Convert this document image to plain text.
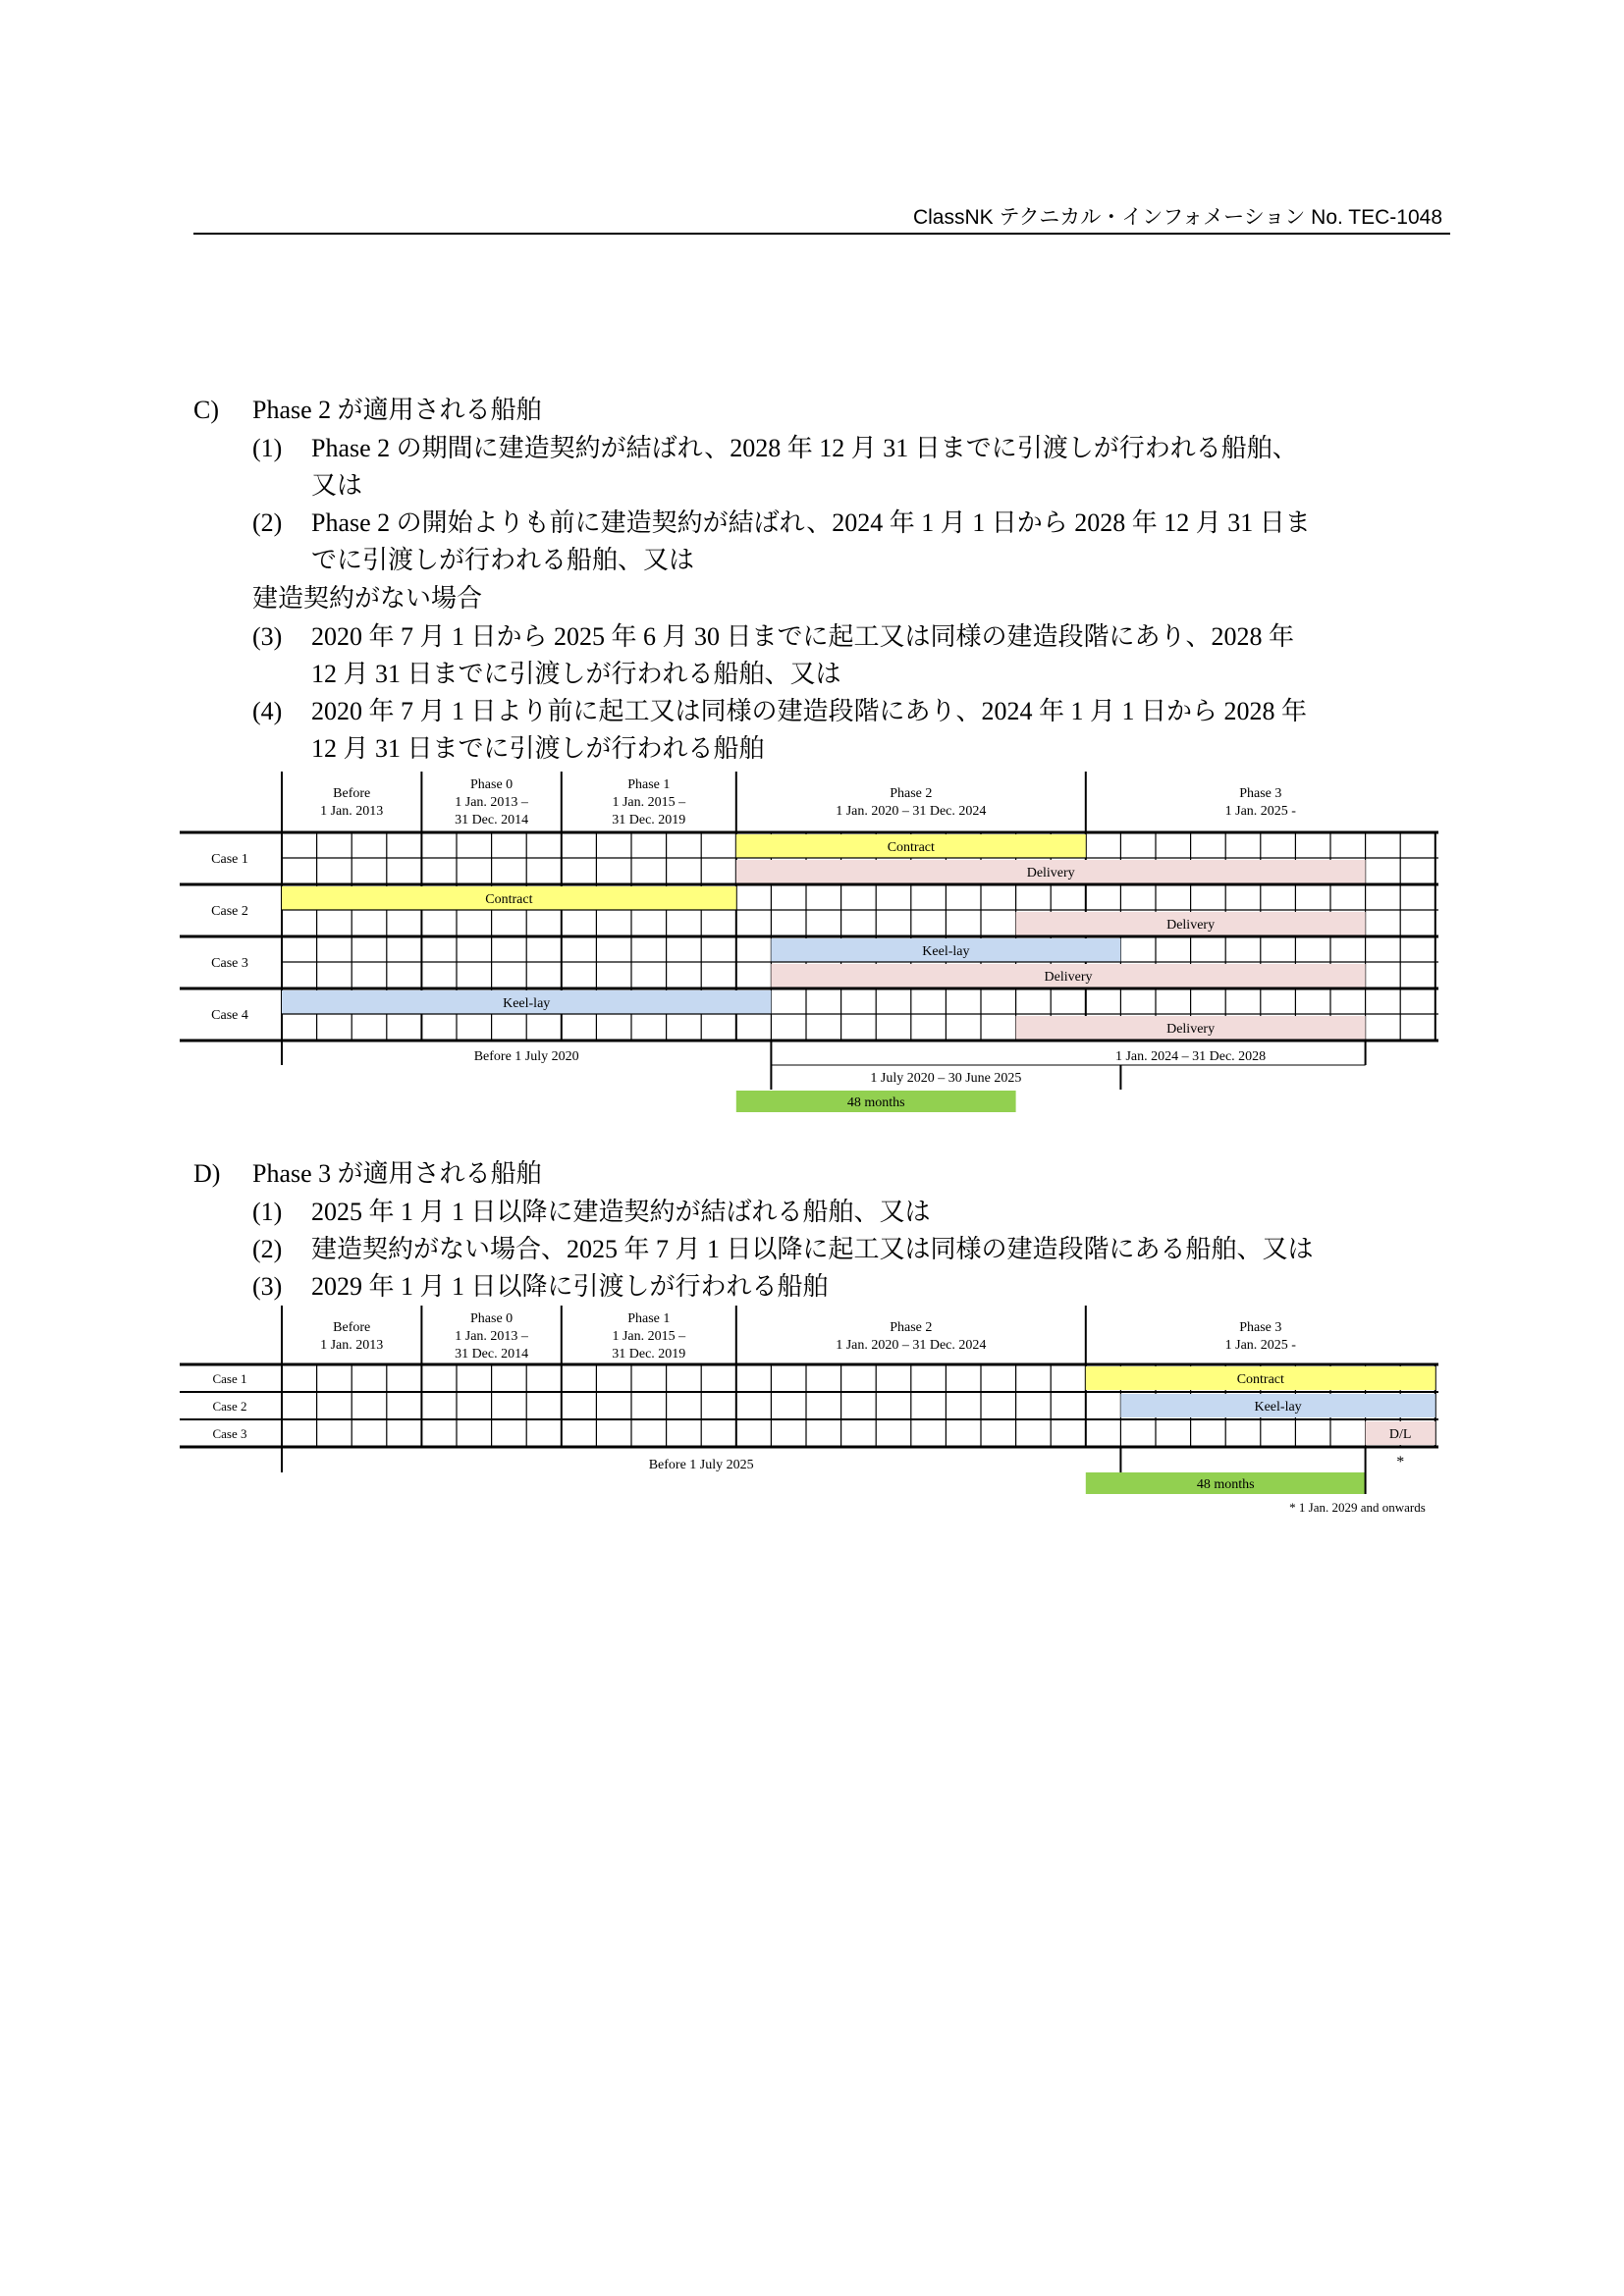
ClassNK テクニカル・インフォメーション No. TEC-1048
C) Phase 2 が適用される船舶
(1) Phase 2 の期間に建造契約が結ばれ、2028 年 12 月 31 日までに引渡しが行われる船舶、
又は
(2) Phase 2 の開始よりも前に建造契約が結ばれ、2024 年 1 月 1 日から 2028 年 12 月 31 日ま
でに引渡しが行われる船舶、又は
建造契約がない場合
(3) 2020 年 7 月 1 日から 2025 年 6 月 30 日までに起工又は同様の建造段階にあり、2028 年
12 月 31 日までに引渡しが行われる船舶、又は
(4) 2020 年 7 月 1 日より前に起工又は同様の建造段階にあり、2024 年 1 月 1 日から 2028 年
12 月 31 日までに引渡しが行われる船舶
Before
1 Jan. 2013
Phase 0
1 Jan. 2013 –
31 Dec. 2014
Phase 1
1 Jan. 2015 –
31 Dec. 2019
Phase 2
1 Jan. 2020 – 31 Dec. 2024
Phase 3
1 Jan. 2025 -
Case 1
Case 2
Case 3
Case 4
Contract
Delivery
Contract
Delivery
Keel-lay
Delivery
Keel-lay
Delivery
Before 1 July 2020	1 Jan. 2024 – 31 Dec. 2028
1 July 2020 – 30 June 2025
48 months
D) Phase 3 が適用される船舶
(1) 2025 年 1 月 1 日以降に建造契約が結ばれる船舶、又は
(2) 建造契約がない場合、2025 年 7 月 1 日以降に起工又は同様の建造段階にある船舶、又は
(3) 2029 年 1 月 1 日以降に引渡しが行われる船舶
Before
1 Jan. 2013
Phase 0
1 Jan. 2013 –
31 Dec. 2014
Phase 1
1 Jan. 2015 –
31 Dec. 2019
Phase 2
1 Jan. 2020 – 31 Dec. 2024
Phase 3
1 Jan. 2025 -
Case 1
Case 2
Case 3
Contract
Keel-lay
D/L
Before 1 July 2025	*
48 months
* 1 Jan. 2029 and onwards
